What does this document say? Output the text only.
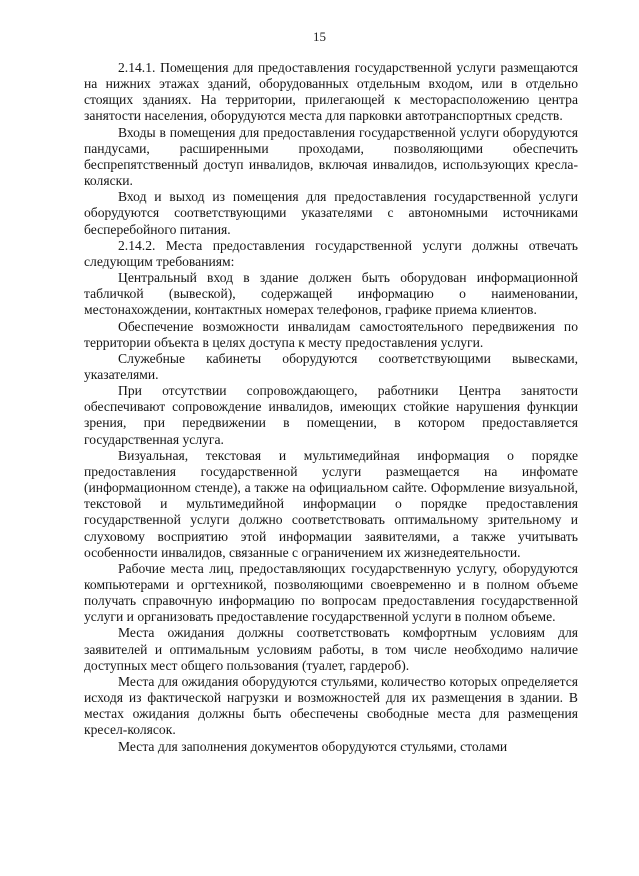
15

2.14.1. Помещения для предоставления государственной услуги размещаются на нижних этажах зданий, оборудованных отдельным входом, или в отдельно стоящих зданиях. На территории, прилегающей к месторасположению центра занятости населения, оборудуются места для парковки автотранспортных средств.

Входы в помещения для предоставления государственной услуги оборудуются пандусами, расширенными проходами, позволяющими обеспечить беспрепятственный доступ инвалидов, включая инвалидов, использующих кресла-коляски.

Вход и выход из помещения для предоставления государственной услуги оборудуются соответствующими указателями с автономными источниками бесперебойного питания.

2.14.2. Места предоставления государственной услуги должны отвечать следующим требованиям:

Центральный вход в здание должен быть оборудован информационной табличкой (вывеской), содержащей информацию о наименовании, местонахождении, контактных номерах телефонов, графике приема клиентов.

Обеспечение возможности инвалидам самостоятельного передвижения по территории объекта в целях доступа к месту предоставления услуги.

Служебные кабинеты оборудуются соответствующими вывесками, указателями.

При отсутствии сопровождающего, работники Центра занятости обеспечивают сопровождение инвалидов, имеющих стойкие нарушения функции зрения, при передвижении в помещении, в котором предоставляется государственная услуга.

Визуальная, текстовая и мультимедийная информация о порядке предоставления государственной услуги размещается на инфомате (информационном стенде), а также на официальном сайте. Оформление визуальной, текстовой и мультимедийной информации о порядке предоставления государственной услуги должно соответствовать оптимальному зрительному и слуховому восприятию этой информации заявителями, а также учитывать особенности инвалидов, связанные с ограничением их жизнедеятельности.

Рабочие места лиц, предоставляющих государственную услугу, оборудуются компьютерами и оргтехникой, позволяющими своевременно и в полном объеме получать справочную информацию по вопросам предоставления государственной услуги и организовать предоставление государственной услуги в полном объеме.

Места ожидания должны соответствовать комфортным условиям для заявителей и оптимальным условиям работы, в том числе необходимо наличие доступных мест общего пользования (туалет, гардероб).

Места для ожидания оборудуются стульями, количество которых определяется исходя из фактической нагрузки и возможностей для их размещения в здании. В местах ожидания должны быть обеспечены свободные места для размещения кресел-колясок.

Места для заполнения документов оборудуются стульями, столами
